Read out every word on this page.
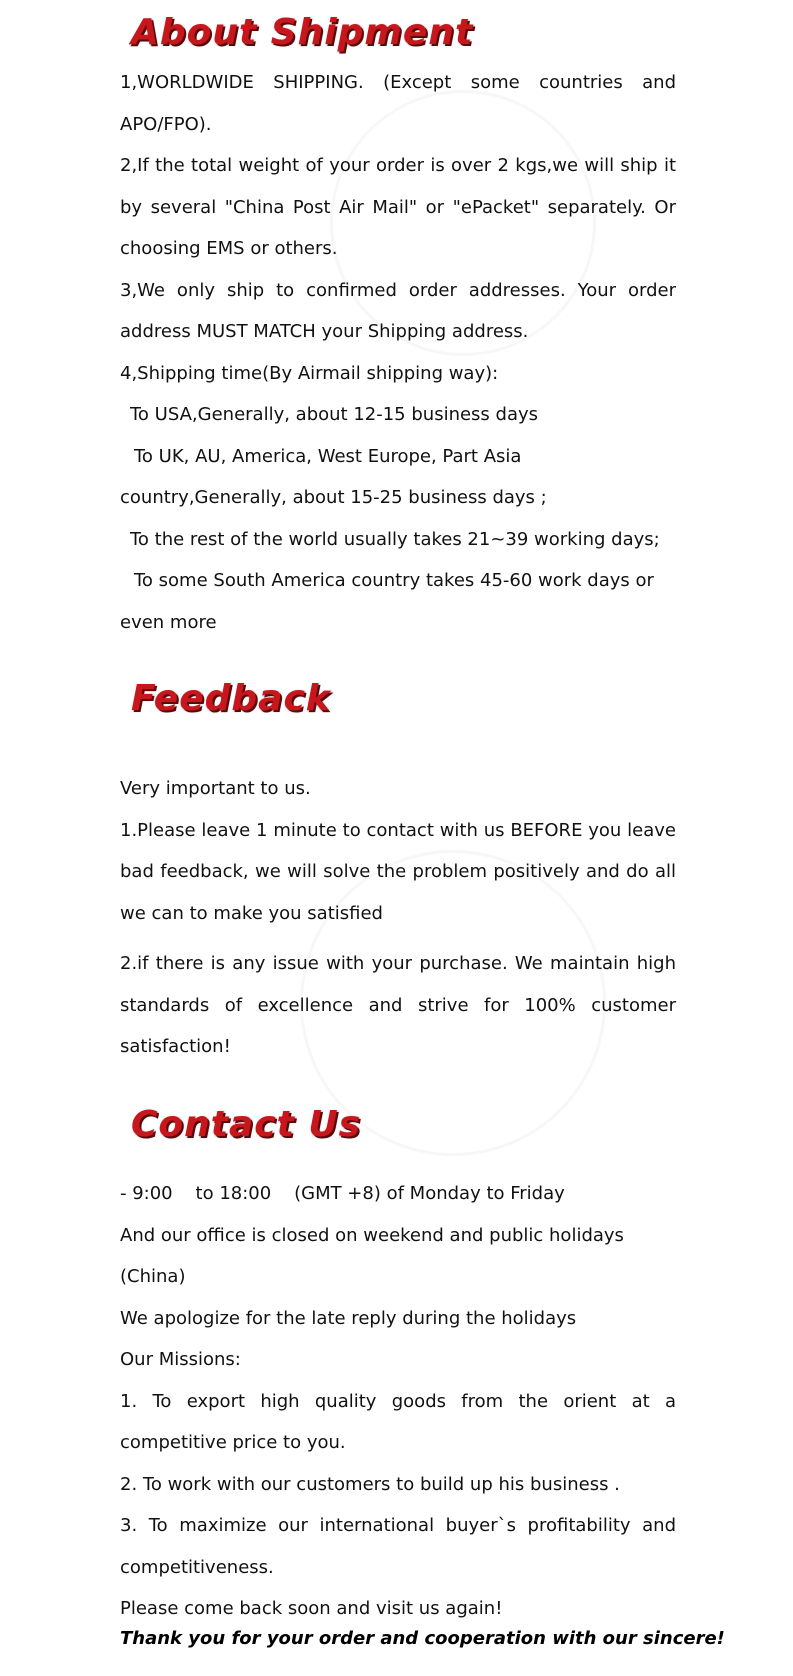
About Shipment

1,WORLDWIDE SHIPPING. (Except some countries and APO/FPO).

2,If the total weight of your order is over 2 kgs,we will ship it by several "China Post Air Mail" or "ePacket" separately. Or choosing EMS or others.

3,We only ship to confirmed order addresses. Your order address MUST MATCH your Shipping address.

4,Shipping time(By Airmail shipping way):

To USA,Generally, about 12-15 business days

To UK, AU, America, West Europe, Part Asia country,Generally, about 15-25 business days ;

To the rest of the world usually takes 21~39 working days;

To some South America country takes 45-60 work days or even more

Feedback

Very important to us.

1.Please leave 1 minute to contact with us BEFORE you leave bad feedback, we will solve the problem positively and do all we can to make you satisfied

2.if there is any issue with your purchase. We maintain high standards of excellence and strive for 100% customer satisfaction!

Contact Us

- 9:00 to 18:00 (GMT +8) of Monday to Friday

And our office is closed on weekend and public holidays (China)

We apologize for the late reply during the holidays

Our Missions:

1. To export high quality goods from the orient at a competitive price to you.

2. To work with our customers to build up his business .

3. To maximize our international buyer`s profitability and competitiveness.

Please come back soon and visit us again!

Thank you for your order and cooperation with our sincere!
